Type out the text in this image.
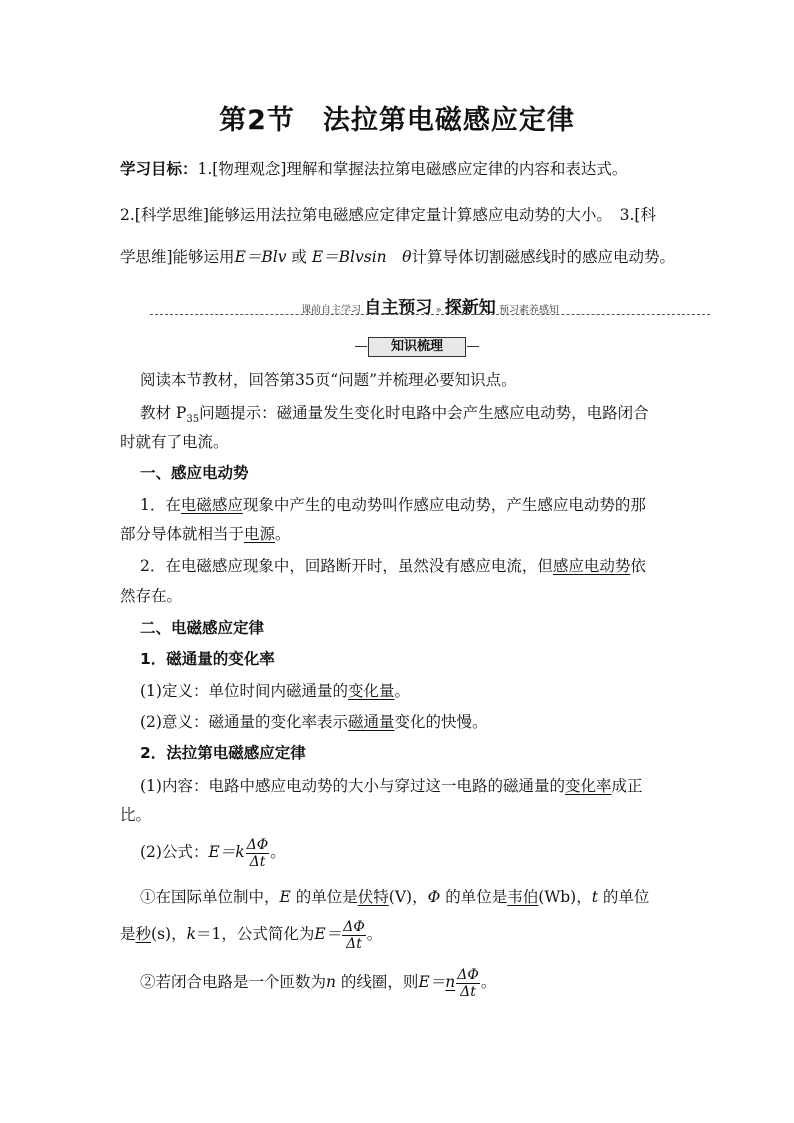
第2节　法拉第电磁感应定律
学习目标：1.[物理观念]理解和掌握法拉第电磁感应定律的内容和表达式。
2.[科学思维]能够运用法拉第电磁感应定律定量计算感应电动势的大小。　3.[科
学思维]能够运用E＝Blv 或 E＝Blvsin　θ计算导体切割磁感线时的感应电动势。
课前自主学习 自主预习 » 探新知 预习素养感知
知识梳理
阅读本节教材，回答第35页“问题”并梳理必要知识点。
教材 $P_{35}$问题提示：磁通量发生变化时电路中会产生感应电动势，电路闭合
时就有了电流。
一、感应电动势
1．在电磁感应现象中产生的电动势叫作感应电动势，产生感应电动势的那
部分导体就相当于电源。
2．在电磁感应现象中，回路断开时，虽然没有感应电流，但感应电动势依
然存在。
二、电磁感应定律
1．磁通量的变化率
(1)定义：单位时间内磁通量的变化量。
(2)意义：磁通量的变化率表示磁通量变化的快慢。
2．法拉第电磁感应定律
(1)内容：电路中感应电动势的大小与穿过这一电路的磁通量的变化率成正
比。
(2)公式：$E=k \frac{\Delta\Phi}{\Delta t}$ 。
①在国际单位制中，E 的单位是伏特(V)，Φ 的单位是韦伯(Wb)，t 的单位
是秒(s)，k＝1，公式简化为$E= \frac{\Delta\Phi}{\Delta t}$ 。
②若闭合电路是一个匝数为n 的线圈，则$E=n \frac{\Delta\Phi}{\Delta t}$ 。
